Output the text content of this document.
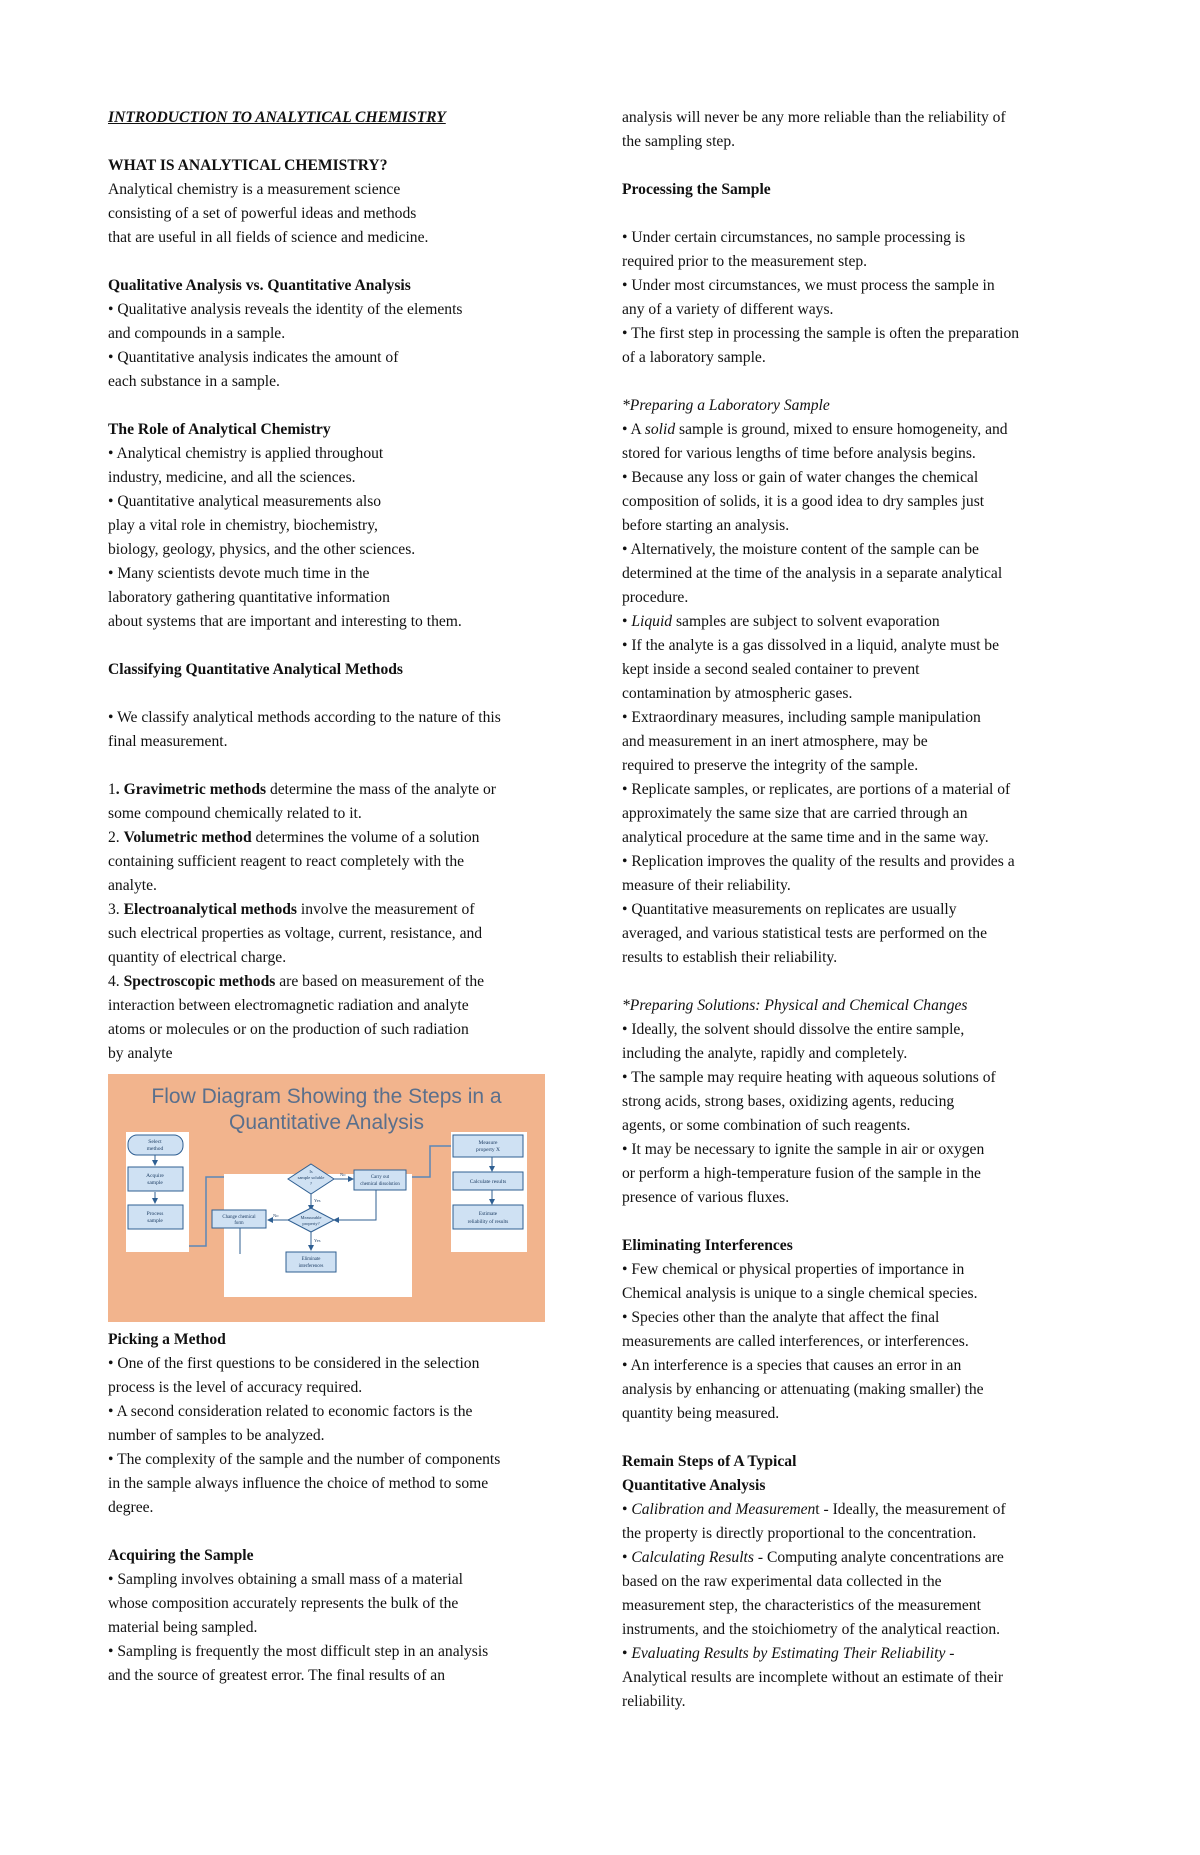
INTRODUCTION TO ANALYTICAL CHEMISTRY
WHAT IS ANALYTICAL CHEMISTRY?
Analytical chemistry is a measurement science
consisting of a set of powerful ideas and methods
that are useful in all fields of science and medicine.
Qualitative Analysis vs. Quantitative Analysis
• Qualitative analysis reveals the identity of the elements
and compounds in a sample.
• Quantitative analysis indicates the amount of
each substance in a sample.
The Role of Analytical Chemistry
• Analytical chemistry is applied throughout
industry, medicine, and all the sciences.
• Quantitative analytical measurements also
play a vital role in chemistry, biochemistry,
biology, geology, physics, and the other sciences.
• Many scientists devote much time in the
laboratory gathering quantitative information
about systems that are important and interesting to them.
Classifying Quantitative Analytical Methods
• We classify analytical methods according to the nature of this
final measurement.
1. Gravimetric methods determine the mass of the analyte or
some compound chemically related to it.
2. Volumetric method determines the volume of a solution
containing sufficient reagent to react completely with the
analyte.
3. Electroanalytical methods involve the measurement of
such electrical properties as voltage, current, resistance, and
quantity of electrical charge.
4. Spectroscopic methods are based on measurement of the
interaction between electromagnetic radiation and analyte
atoms or molecules or on the production of such radiation
by analyte
Flow Diagram Showing the Steps in a
Quantitative Analysis
Select
method
Acquire
sample
Process
sample
Is
sample soluble
?
Carry out
chemical dissolution
Measurable
property?
Change chemical
form
Eliminate
interferences
Measure
property X
Calculate results
Estimate
reliability of results
No
Yes
No
Yes
Picking a Method
• One of the first questions to be considered in the selection
process is the level of accuracy required.
• A second consideration related to economic factors is the
number of samples to be analyzed.
• The complexity of the sample and the number of components
in the sample always influence the choice of method to some
degree.
Acquiring the Sample
• Sampling involves obtaining a small mass of a material
whose composition accurately represents the bulk of the
material being sampled.
• Sampling is frequently the most difficult step in an analysis
and the source of greatest error. The final results of an
analysis will never be any more reliable than the reliability of
the sampling step.
Processing the Sample
• Under certain circumstances, no sample processing is
required prior to the measurement step.
• Under most circumstances, we must process the sample in
any of a variety of different ways.
• The first step in processing the sample is often the preparation
of a laboratory sample.
*Preparing a Laboratory Sample
• A solid sample is ground, mixed to ensure homogeneity, and
stored for various lengths of time before analysis begins.
• Because any loss or gain of water changes the chemical
composition of solids, it is a good idea to dry samples just
before starting an analysis.
• Alternatively, the moisture content of the sample can be
determined at the time of the analysis in a separate analytical
procedure.
• Liquid samples are subject to solvent evaporation
• If the analyte is a gas dissolved in a liquid, analyte must be
kept inside a second sealed container to prevent
contamination by atmospheric gases.
• Extraordinary measures, including sample manipulation
and measurement in an inert atmosphere, may be
required to preserve the integrity of the sample.
• Replicate samples, or replicates, are portions of a material of
approximately the same size that are carried through an
analytical procedure at the same time and in the same way.
• Replication improves the quality of the results and provides a
measure of their reliability.
• Quantitative measurements on replicates are usually
averaged, and various statistical tests are performed on the
results to establish their reliability.
*Preparing Solutions: Physical and Chemical Changes
• Ideally, the solvent should dissolve the entire sample,
including the analyte, rapidly and completely.
• The sample may require heating with aqueous solutions of
strong acids, strong bases, oxidizing agents, reducing
agents, or some combination of such reagents.
• It may be necessary to ignite the sample in air or oxygen
or perform a high-temperature fusion of the sample in the
presence of various fluxes.
Eliminating Interferences
• Few chemical or physical properties of importance in
Chemical analysis is unique to a single chemical species.
• Species other than the analyte that affect the final
measurements are called interferences, or interferences.
• An interference is a species that causes an error in an
analysis by enhancing or attenuating (making smaller) the
quantity being measured.
Remain Steps of A Typical
Quantitative Analysis
• Calibration and Measurement - Ideally, the measurement of
the property is directly proportional to the concentration.
• Calculating Results - Computing analyte concentrations are
based on the raw experimental data collected in the
measurement step, the characteristics of the measurement
instruments, and the stoichiometry of the analytical reaction.
• Evaluating Results by Estimating Their Reliability -
Analytical results are incomplete without an estimate of their
reliability.
